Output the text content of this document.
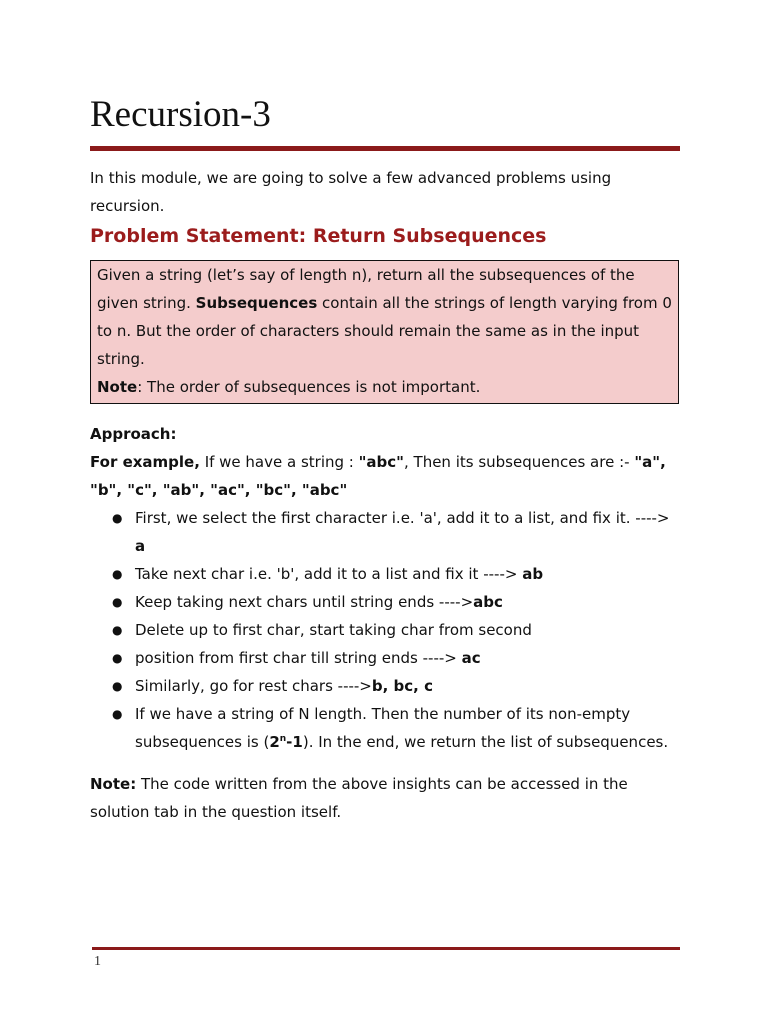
Recursion-3

In this module, we are going to solve a few advanced problems using recursion.

Problem Statement: Return Subsequences

Given a string (let’s say of length n), return all the subsequences of the given string. Subsequences contain all the strings of length varying from 0 to n. But the order of characters should remain the same as in the input string.

Note: The order of subsequences is not important.

Approach:

For example, If we have a string : "abc", Then its subsequences are :- "a", "b", "c", "ab", "ac", "bc", "abc"

● First, we select the first character i.e. 'a', add it to a list, and fix it. ----> a
● Take next char i.e. 'b', add it to a list and fix it ----> ab
● Keep taking next chars until string ends ---->abc
● Delete up to first char, start taking char from second
● position from first char till string ends ----> ac
● Similarly, go for rest chars ---->b, bc, c
● If we have a string of N length. Then the number of its non-empty subsequences is (2$^n$-1). In the end, we return the list of subsequences.

Note: The code written from the above insights can be accessed in the solution tab in the question itself.

1
